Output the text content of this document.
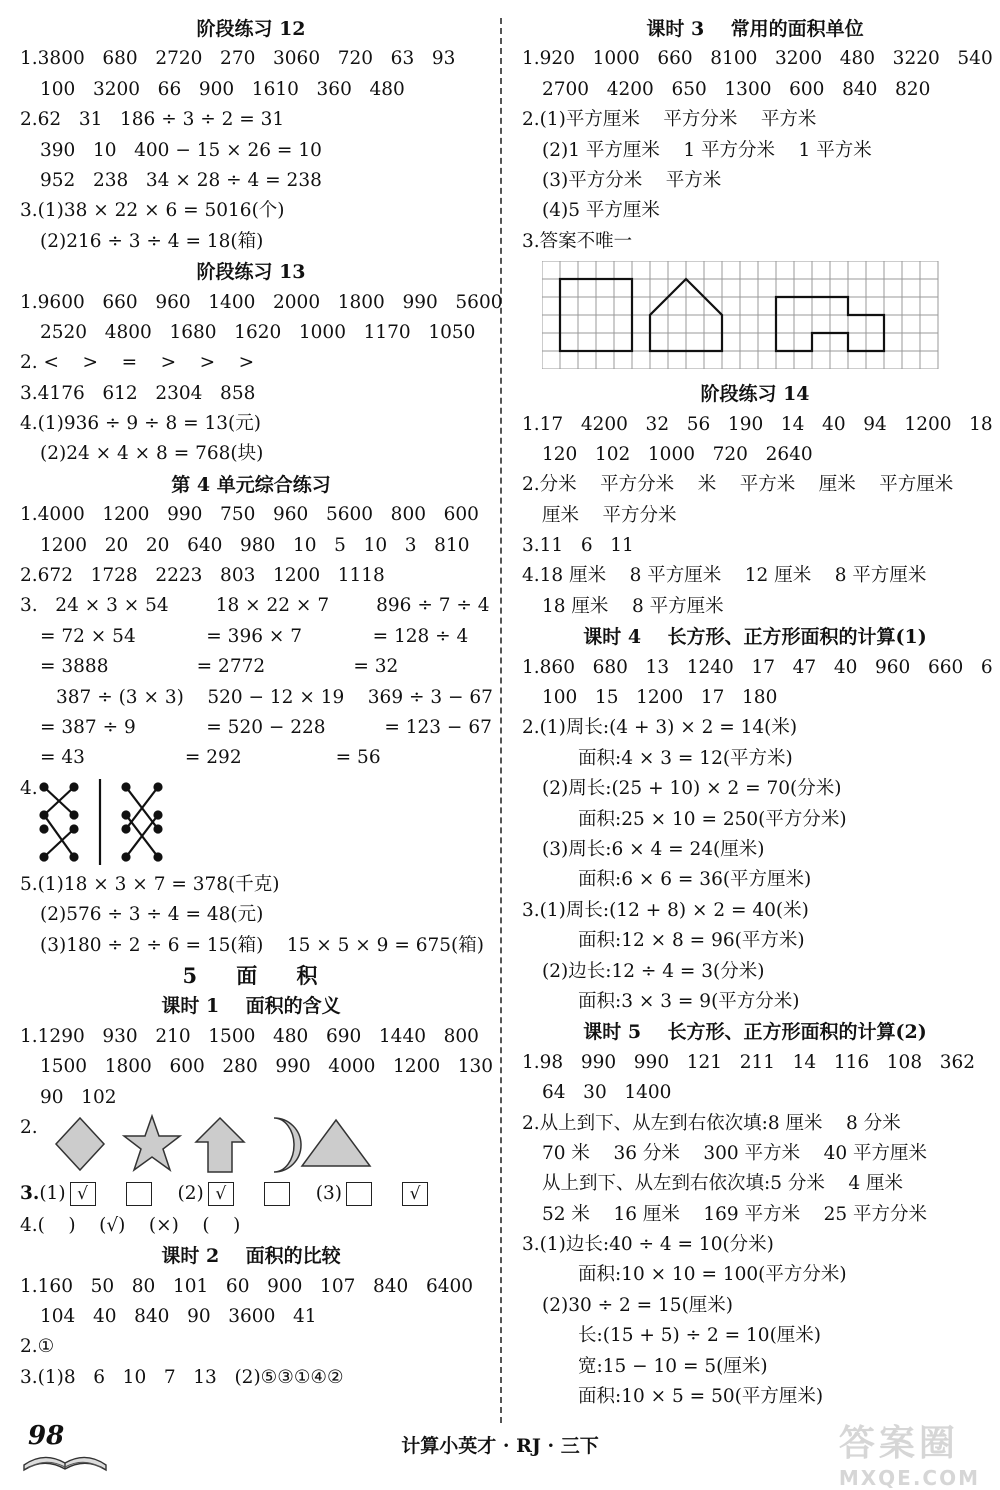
阶段练习 12
1.3800   680   2720   270   3060   720   63   93
100   3200   66   900   1610   360   480
2.62   31   186 ÷ 3 ÷ 2 = 31
390   10   400 − 15 × 26 = 10
952   238   34 × 28 ÷ 4 = 238
3.(1)38 × 22 × 6 = 5016(个)
(2)216 ÷ 3 ÷ 4 = 18(箱)
阶段练习 13
1.9600   660   960   1400   2000   1800   990   5600
2520   4800   1680   1620   1000   1170   1050
2. <    >    =    >    >    >
3.4176   612   2304   858
4.(1)936 ÷ 9 ÷ 8 = 13(元)
(2)24 × 4 × 8 = 768(块)
第 4 单元综合练习
1.4000   1200   990   750   960   5600   800   600
1200   20   20   640   980   10   5   10   3   810
2.672   1728   2223   803   1200   1118
3.   24 × 3 × 54        18 × 22 × 7        896 ÷ 7 ÷ 4
= 72 × 54            = 396 × 7            = 128 ÷ 4
= 3888               = 2772               = 32
387 ÷ (3 × 3)    520 − 12 × 19    369 ÷ 3 − 67
= 387 ÷ 9            = 520 − 228          = 123 − 67
= 43                 = 292                = 56
4.
5.(1)18 × 3 × 7 = 378(千克)
(2)576 ÷ 3 ÷ 4 = 48(元)
(3)180 ÷ 2 ÷ 6 = 15(箱)    15 × 5 × 9 = 675(箱)
5    面    积
课时 1    面积的含义
1.1290   930   210   1500   480   690   1440   800
1500   1800   600   280   990   4000   1200   130
90   102
2.
3. (1) √	(2) √	(3)	√
4.(    )    (√)    (×)    (    )
课时 2    面积的比较
1.160   50   80   101   60   900   107   840   6400
104   40   840   90   3600   41
2.①
3.(1)8   6   10   7   13   (2)⑤③①④②
课时 3    常用的面积单位
1.920   1000   660   8100   3200   480   3220   540
2700   4200   650   1300   600   840   820
2.(1)平方厘米    平方分米    平方米
(2)1 平方厘米    1 平方分米    1 平方米
(3)平方分米    平方米
(4)5 平方厘米
3.答案不唯一
阶段练习 14
1.17   4200   32   56   190   14   40   94   1200   18
120   102   1000   720   2640
2.分米    平方分米    米    平方米    厘米    平方厘米
厘米    平方分米
3.11   6   11
4.18 厘米    8 平方厘米    12 厘米    8 平方厘米
18 厘米    8 平方厘米
课时 4    长方形、正方形面积的计算(1)
1.860   680   13   1240   17   47   40   960   660   6
100   15   1200   17   180
2.(1)周长:(4 + 3) × 2 = 14(米)
面积:4 × 3 = 12(平方米)
(2)周长:(25 + 10) × 2 = 70(分米)
面积:25 × 10 = 250(平方分米)
(3)周长:6 × 4 = 24(厘米)
面积:6 × 6 = 36(平方厘米)
3.(1)周长:(12 + 8) × 2 = 40(米)
面积:12 × 8 = 96(平方米)
(2)边长:12 ÷ 4 = 3(分米)
面积:3 × 3 = 9(平方分米)
课时 5    长方形、正方形面积的计算(2)
1.98   990   990   121   211   14   116   108   362
64   30   1400
2.从上到下、从左到右依次填:8 厘米    8 分米
70 米    36 分米    300 平方米    40 平方厘米
从上到下、从左到右依次填:5 分米    4 厘米
52 米    16 厘米    169 平方米    25 平方分米
3.(1)边长:40 ÷ 4 = 10(分米)
面积:10 × 10 = 100(平方分米)
(2)30 ÷ 2 = 15(厘米)
长:(15 + 5) ÷ 2 = 10(厘米)
宽:15 − 10 = 5(厘米)
面积:10 × 5 = 50(平方厘米)
98	计算小英才 · RJ · 三下	答案圈
MXQE.COM
